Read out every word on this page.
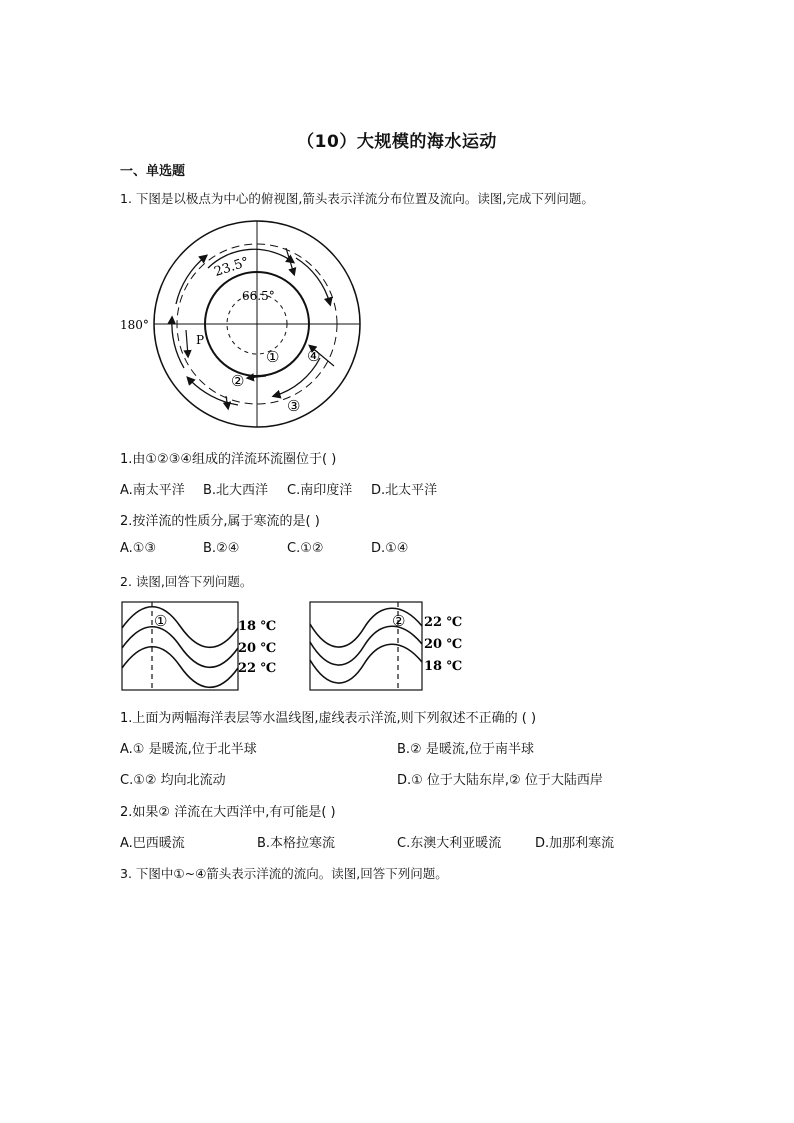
（10）大规模的海水运动
一、单选题
1. 下图是以极点为中心的俯视图,箭头表示洋流分布位置及流向。读图,完成下列问题。
23.5°
66.5°
180°
P
①
②
③
④
1.由①②③④组成的洋流环流圈位于( )
A.南太平洋 B.北大西洋 C.南印度洋 D.北太平洋
2.按洋流的性质分,属于寒流的是( )
A.①③	B.②④	C.①②	D.①④
2. 读图,回答下列问题。
①	18 ℃
20 ℃
22 ℃
② 22 ℃
20 ℃
18 ℃
1.上面为两幅海洋表层等水温线图,虚线表示洋流,则下列叙述不正确的 ( )
A.① 是暖流,位于北半球	B.② 是暖流,位于南半球
C.①② 均向北流动	D.① 位于大陆东岸,② 位于大陆西岸
2.如果② 洋流在大西洋中,有可能是( )
A.巴西暖流	B.本格拉寒流	C.东澳大利亚暖流	D.加那利寒流
3. 下图中①~④箭头表示洋流的流向。读图,回答下列问题。
